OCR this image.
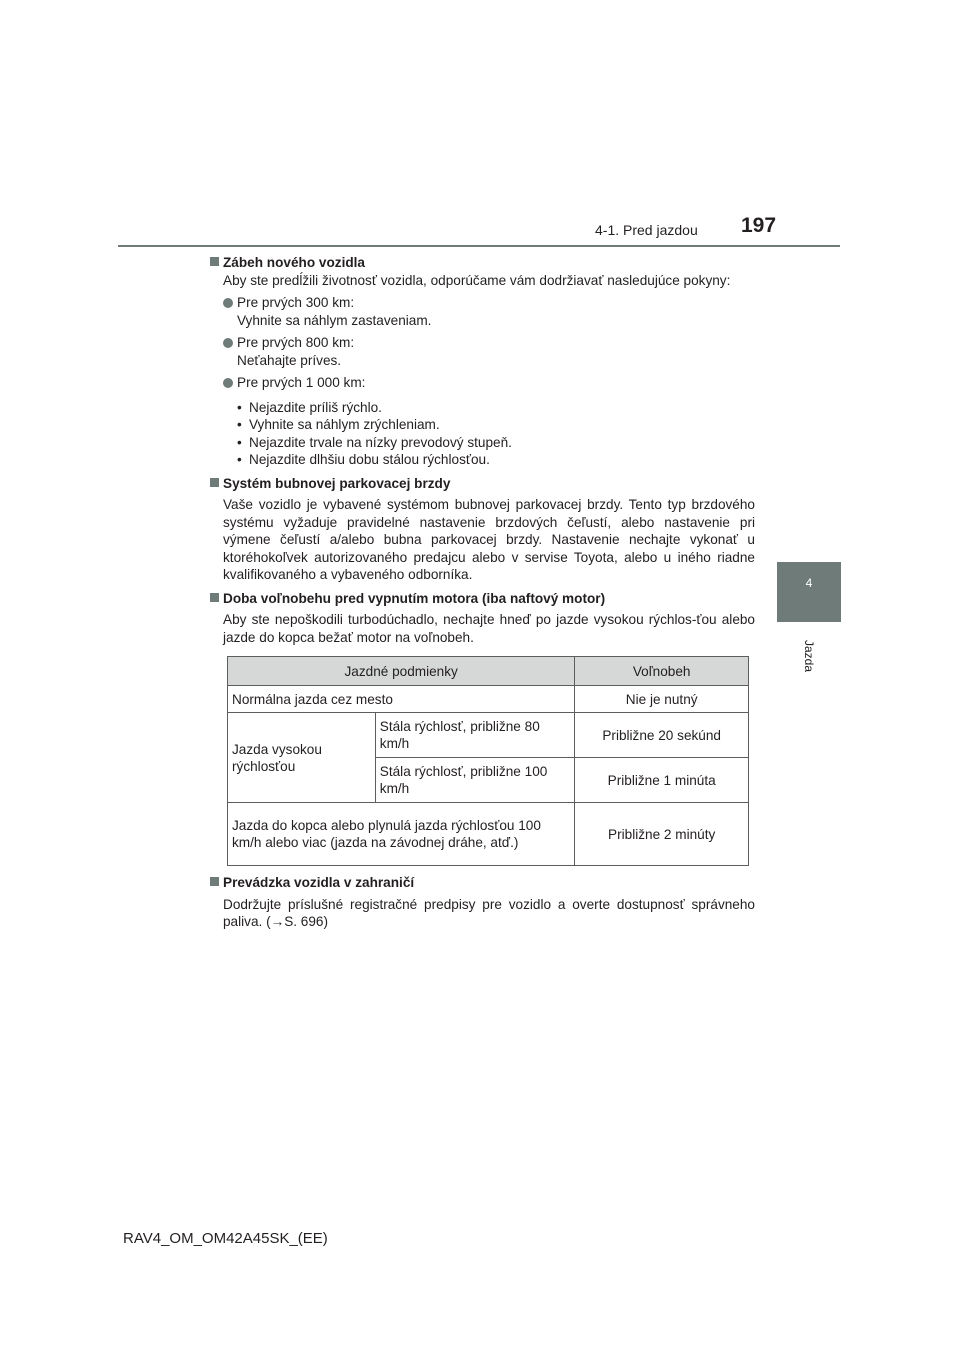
4-1. Pred jazdou 197
4
Jazda

Zábeh nového vozidla

Aby ste predĺžili životnosť vozidla, odporúčame vám dodržiavať nasledujúce pokyny:

Pre prvých 300 km:
Vyhnite sa náhlym zastaveniam.
Pre prvých 800 km:
Neťahajte príves.
Pre prvých 1 000 km:
• Nejazdite príliš rýchlo.
• Vyhnite sa náhlym zrýchleniam.
• Nejazdite trvale na nízky prevodový stupeň.
• Nejazdite dlhšiu dobu stálou rýchlosťou.

Systém bubnovej parkovacej brzdy

Vaše vozidlo je vybavené systémom bubnovej parkovacej brzdy. Tento typ brzdového systému vyžaduje pravidelné nastavenie brzdových čeľustí, alebo nastavenie pri výmene čeľustí a/alebo bubna parkovacej brzdy. Nastavenie nechajte vykonať u ktoréhokoľvek autorizovaného predajcu alebo v servise Toyota, alebo u iného riadne kvalifikovaného a vybaveného odborníka.

Doba voľnobehu pred vypnutím motora (iba naftový motor)

Aby ste nepoškodili turbodúchadlo, nechajte hneď po jazde vysokou rýchlos-ťou alebo jazde do kopca bežať motor na voľnobeh.

Jazdné podmienky		Voľnobeh
Normálna jazda cez mesto		Nie je nutný
Jazda vysokou rýchlosťou	Stála rýchlosť, približne 80 km/h	Približne 20 sekúnd
	Stála rýchlosť, približne 100 km/h	Približne 1 minúta
Jazda do kopca alebo plynulá jazda rýchlosťou 100 km/h alebo viac (jazda na závodnej dráhe, atď.)		Približne 2 minúty

Prevádzka vozidla v zahraničí

Dodržujte príslušné registračné predpisy pre vozidlo a overte dostupnosť správneho paliva. (→S. 696)

RAV4_OM_OM42A45SK_(EE)
